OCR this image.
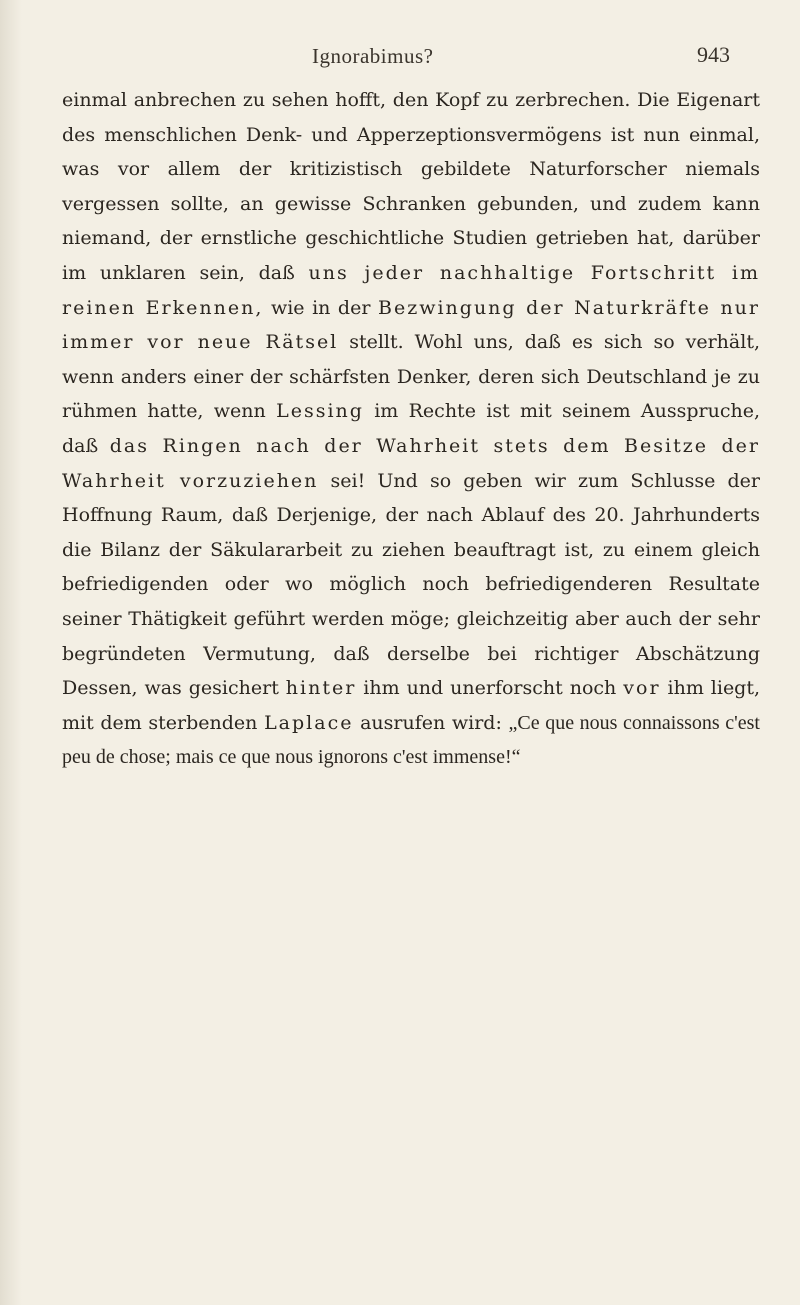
Ignorabimus?	943

einmal anbrechen zu sehen hofft, den Kopf zu zerbrechen. Die Eigenart des menschlichen Denk- und Apperzeptionsvermögens ist nun einmal, was vor allem der kritizistisch gebildete Naturforscher niemals vergessen sollte, an gewisse Schranken gebunden, und zudem kann niemand, der ernstliche geschichtliche Studien getrieben hat, darüber im unklaren sein, daß uns jeder nachhaltige Fortschritt im reinen Erkennen, wie in der Bezwingung der Naturkräfte nur immer vor neue Rätsel stellt. Wohl uns, daß es sich so verhält, wenn anders einer der schärfsten Denker, deren sich Deutschland je zu rühmen hatte, wenn Lessing im Rechte ist mit seinem Ausspruche, daß das Ringen nach der Wahrheit stets dem Besitze der Wahrheit vorzuziehen sei! Und so geben wir zum Schlusse der Hoffnung Raum, daß Derjenige, der nach Ablauf des 20. Jahrhunderts die Bilanz der Säkulararbeit zu ziehen beauftragt ist, zu einem gleich befriedigenden oder wo möglich noch befriedigenderen Resultate seiner Thätigkeit geführt werden möge; gleichzeitig aber auch der sehr begründeten Vermutung, daß derselbe bei richtiger Abschätzung Dessen, was gesichert hinter ihm und unerforscht noch vor ihm liegt, mit dem sterbenden Laplace ausrufen wird: „Ce que nous connaissons c'est peu de chose; mais ce que nous ignorons c'est immense!“
